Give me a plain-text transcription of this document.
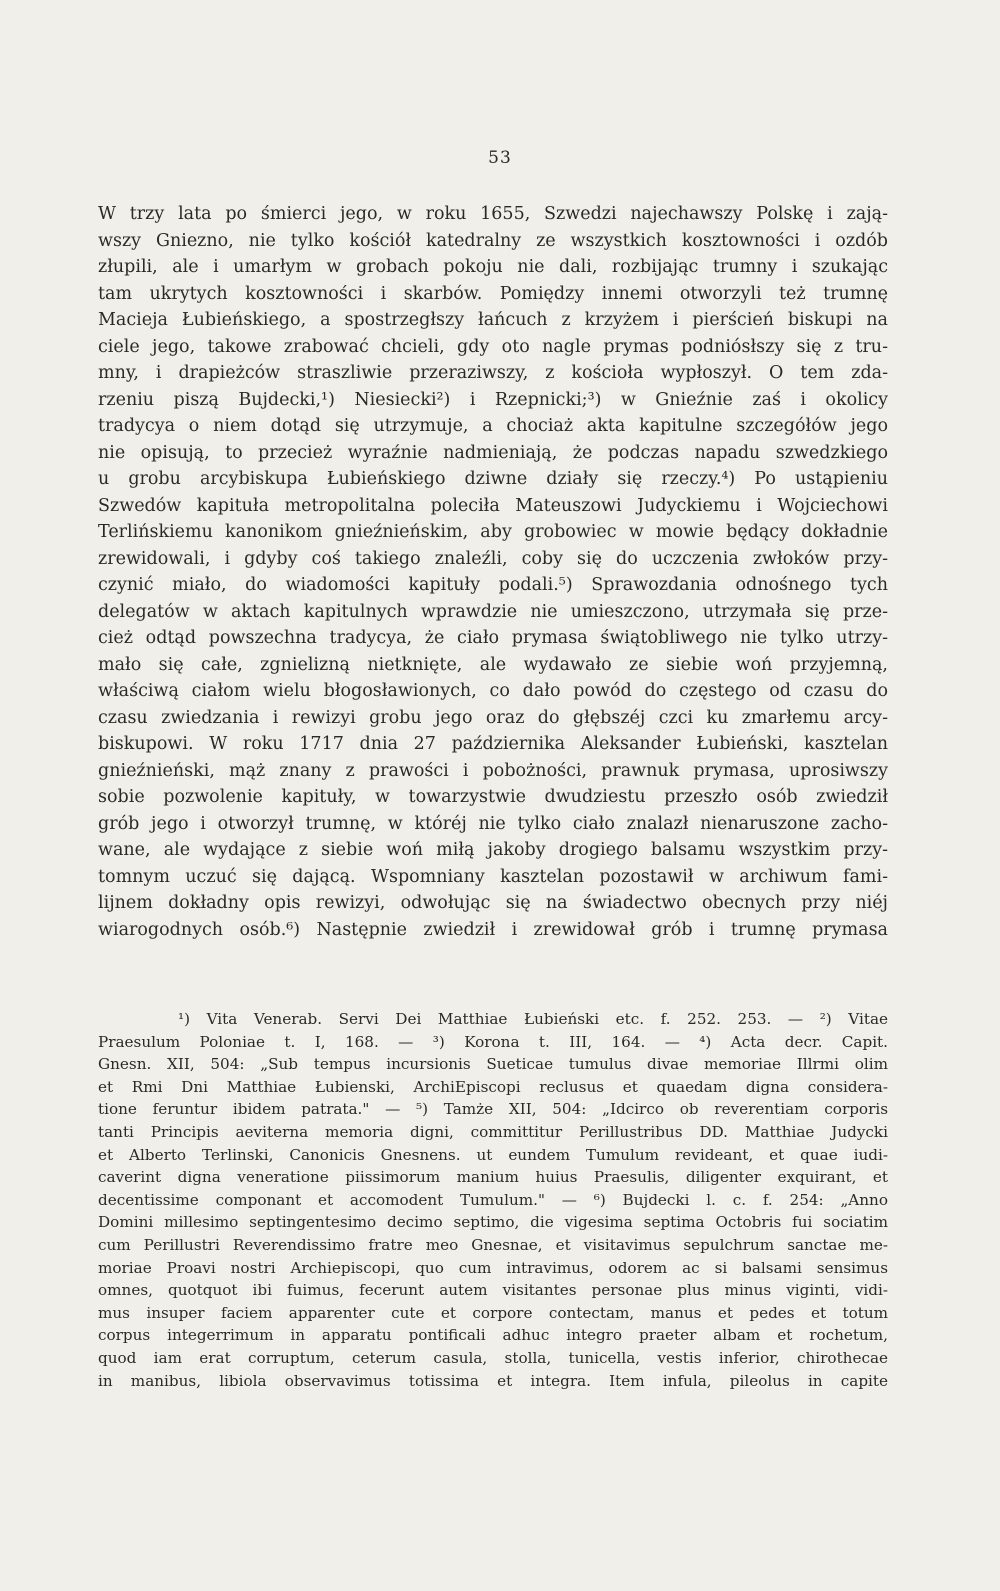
53
W trzy lata po śmierci jego, w roku 1655, Szwedzi najechawszy Polskę i zają-
wszy Gniezno, nie tylko kościół katedralny ze wszystkich kosztowności i ozdób
złupili, ale i umarłym w grobach pokoju nie dali, rozbijając trumny i szukając
tam ukrytych kosztowności i skarbów. Pomiędzy innemi otworzyli też trumnę
Macieja Łubieńskiego, a spostrzegłszy łańcuch z krzyżem i pierścień biskupi na
ciele jego, takowe zrabować chcieli, gdy oto nagle prymas podniósłszy się z tru-
mny, i drapieżców straszliwie przeraziwszy, z kościoła wypłoszył. O tem zda-
rzeniu piszą Bujdecki,¹) Niesiecki²) i Rzepnicki;³) w Gnieźnie zaś i okolicy
tradycya o niem dotąd się utrzymuje, a chociaż akta kapitulne szczegółów jego
nie opisują, to przecież wyraźnie nadmieniają, że podczas napadu szwedzkiego
u grobu arcybiskupa Łubieńskiego dziwne działy się rzeczy.⁴) Po ustąpieniu
Szwedów kapituła metropolitalna poleciła Mateuszowi Judyckiemu i Wojciechowi
Terlińskiemu kanonikom gnieźnieńskim, aby grobowiec w mowie będący dokładnie
zrewidowali, i gdyby coś takiego znaleźli, coby się do uczczenia zwłoków przy-
czynić miało, do wiadomości kapituły podali.⁵) Sprawozdania odnośnego tych
delegatów w aktach kapitulnych wprawdzie nie umieszczono, utrzymała się prze-
cież odtąd powszechna tradycya, że ciało prymasa świątobliwego nie tylko utrzy-
mało się całe, zgnielizną nietknięte, ale wydawało ze siebie woń przyjemną,
właściwą ciałom wielu błogosławionych, co dało powód do częstego od czasu do
czasu zwiedzania i rewizyi grobu jego oraz do głębszéj czci ku zmarłemu arcy-
biskupowi. W roku 1717 dnia 27 października Aleksander Łubieński, kasztelan
gnieźnieński, mąż znany z prawości i pobożności, prawnuk prymasa, uprosiwszy
sobie pozwolenie kapituły, w towarzystwie dwudziestu przeszło osób zwiedził
grób jego i otworzył trumnę, w któréj nie tylko ciało znalazł nienaruszone zacho-
wane, ale wydające z siebie woń miłą jakoby drogiego balsamu wszystkim przy-
tomnym uczuć się dającą. Wspomniany kasztelan pozostawił w archiwum fami-
lijnem dokładny opis rewizyi, odwołując się na świadectwo obecnych przy niéj
wiarogodnych osób.⁶) Następnie zwiedził i zrewidował grób i trumnę prymasa
¹) Vita Venerab. Servi Dei Matthiae Łubieński etc. f. 252. 253. — ²) Vitae
Praesulum Poloniae t. I, 168. — ³) Korona t. III, 164. — ⁴) Acta decr. Capit.
Gnesn. XII, 504: „Sub tempus incursionis Sueticae tumulus divae memoriae Illrmi olim
et Rmi Dni Matthiae Łubienski, ArchiEpiscopi reclusus et quaedam digna considera-
tione feruntur ibidem patrata." — ⁵) Tamże XII, 504: „Idcirco ob reverentiam corporis
tanti Principis aeviterna memoria digni, committitur Perillustribus DD. Matthiae Judycki
et Alberto Terlinski, Canonicis Gnesnens. ut eundem Tumulum revideant, et quae iudi-
caverint digna veneratione piissimorum manium huius Praesulis, diligenter exquirant, et
decentissime componant et accomodent Tumulum." — ⁶) Bujdecki l. c. f. 254: „Anno
Domini millesimo septingentesimo decimo septimo, die vigesima septima Octobris fui sociatim
cum Perillustri Reverendissimo fratre meo Gnesnae, et visitavimus sepulchrum sanctae me-
moriae Proavi nostri Archiepiscopi, quo cum intravimus, odorem ac si balsami sensimus
omnes, quotquot ibi fuimus, fecerunt autem visitantes personae plus minus viginti, vidi-
mus insuper faciem apparenter cute et corpore contectam, manus et pedes et totum
corpus integerrimum in apparatu pontificali adhuc integro praeter albam et rochetum,
quod iam erat corruptum, ceterum casula, stolla, tunicella, vestis inferior, chirothecae
in manibus, libiola observavimus totissima et integra. Item infula, pileolus in capite
